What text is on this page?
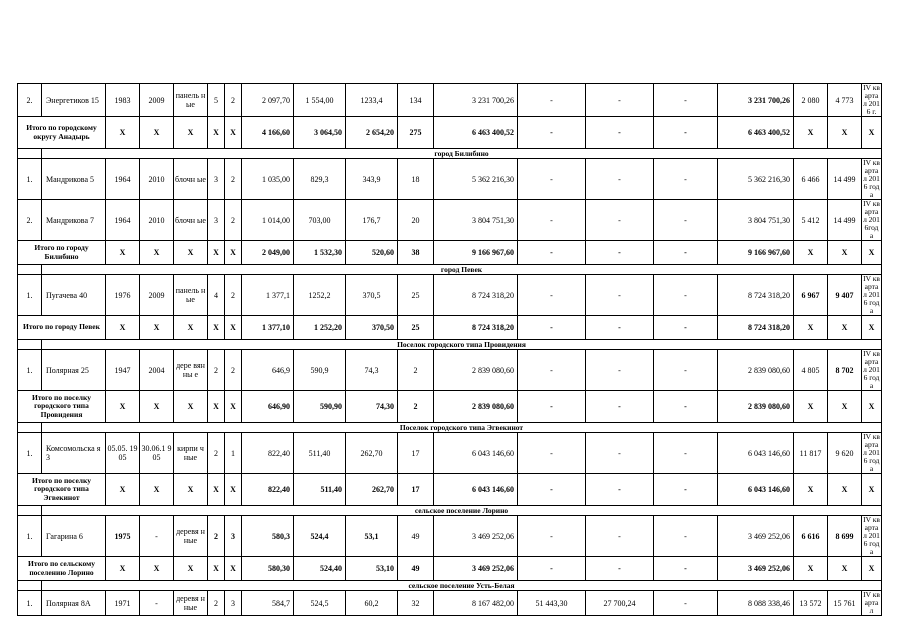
2.	Энергетиков 15	1983	2009	панель ные	5	2	2 097,70	1 554,00	1233,4	134	3 231 700,26	-	-	-	3 231 700,26	2 080	4 773	IV квартал 2016 г.
Итого по городскому округу Анадырь		X	X	X	X	X	4 166,60	3 064,50	2 654,20	275	6 463 400,52	-	-	-	6 463 400,52	X	X	X
	город Билибино																	
1.	Мандрикова 5	1964	2010	блочн ые	3	2	1 035,00	829,3	343,9	18	5 362 216,30	-	-	-	5 362 216,30	6 466	14 499	IV квартал 2016 года
2.	Мандрикова 7	1964	2010	блочн ые	3	2	1 014,00	703,00	176,7	20	3 804 751,30	-	-	-	3 804 751,30	5 412	14 499	IV квартал 2016год а
Итого по городу Билибино		X	X	X	X	X	2 049,00	1 532,30	520,60	38	9 166 967,60	-	-	-	9 166 967,60	X	X	X
	город Певек																	
1.	Пугачева 40	1976	2009	панель ные	4	2	1 377,1	1252,2	370,5	25	8 724 318,20	-	-	-	8 724 318,20	6 967	9 407	IV квартал 2016 года
Итого по городу Певек		X	X	X	X	X	1 377,10	1 252,20	370,50	25	8 724 318,20	-	-	-	8 724 318,20	X	X	X
	Поселок городского типа Провидения																	
1.	Полярная 25	1947	2004	дере вянны е	2	2	646,9	590,9	74,3	2	2 839 080,60	-	-	-	2 839 080,60	4 805	8 702	IV квартал 2016 года
Итого по поселку городского типа Провидения		X	X	X	X	X	646,90	590,90	74,30	2	2 839 080,60	-	-	-	2 839 080,60	X	X	X
	Поселок городского типа Эгвекинот																	
1.	Комсомольска я 3	05.05. 1905	30.06.1 905	кирпи чные	2	1	822,40	511,40	262,70	17	6 043 146,60	-	-	-	6 043 146,60	11 817	9 620	IV квартал 2016 года
Итого по поселку городского типа Эгвекинот		X	X	X	X	X	822,40	511,40	262,70	17	6 043 146,60	-	-	-	6 043 146,60	X	X	X
	сельское поселение Лорино																	
1.	Гагарина 6	1975	-	деревя нные	2	3	580,3	524,4	53,1	49	3 469 252,06	-	-	-	3 469 252,06	6 616	8 699	IV квартал 2016 года
Итого по сельскому поселению Лорино		X	X	X	X	X	580,30	524,40	53,10	49	3 469 252,06	-	-	-	3 469 252,06	X	X	X
	сельское поселение Усть-Белая																	
1.	Полярная 8А	1971	-	деревя нные	2	3	584,7	524,5	60,2	32	8 167 482,00	51 443,30	27 700,24	-	8 088 338,46	13 572	15 761	IV квартал
